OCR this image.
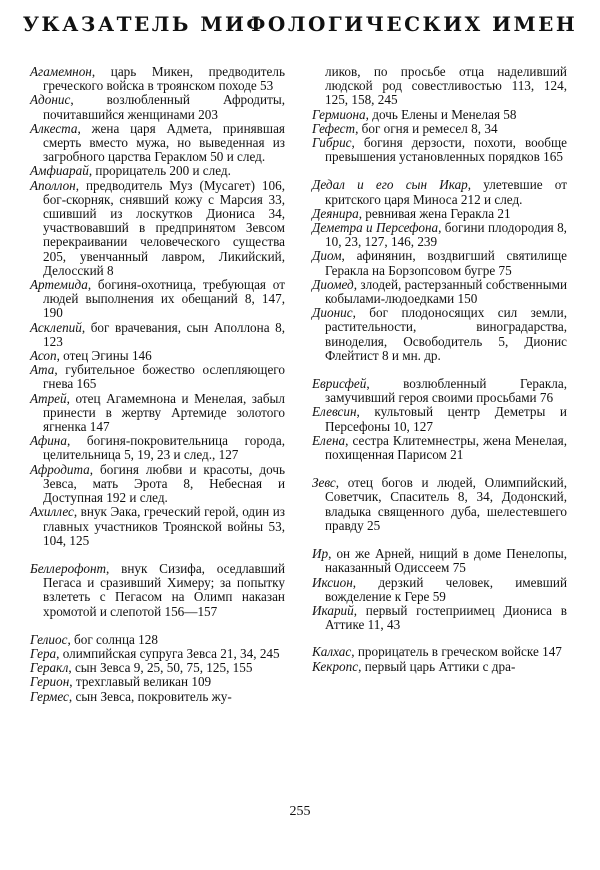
УКАЗАТЕЛЬ МИФОЛОГИЧЕСКИХ ИМЕН

Агамемнон, царь Микен, предводитель греческого войска в троянском походе 53

Адонис, возлюбленный Афродиты, почитавшийся женщинами 203

Алкеста, жена царя Адмета, принявшая смерть вместо мужа, но выведенная из загробного царства Гераклом 50 и след.

Амфиарай, прорицатель 200 и след.

Аполлон, предводитель Муз (Мусагет) 106, бог-скорняк, снявший кожу с Марсия 33, сшивший из лоскутков Диониса 34, участвовавший в предпринятом Зевсом перекраивании человеческого существа 205, увенчанный лавром, Ликийский, Делосский 8

Артемида, богиня-охотница, требующая от людей выполнения их обещаний 8, 147, 190

Асклепий, бог врачевания, сын Аполлона 8, 123

Асоп, отец Эгины 146

Ата, губительное божество ослепляющего гнева 165

Атрей, отец Агамемнона и Менелая, забыл принести в жертву Артемиде золотого ягненка 147

Афина, богиня-покровительница города, целительница 5, 19, 23 и след., 127

Афродита, богиня любви и красоты, дочь Зевса, мать Эрота 8, Небесная и Доступная 192 и след.

Ахиллес, внук Эака, греческий герой, один из главных участников Троянской войны 53, 104, 125

Беллерофонт, внук Сизифа, оседлавший Пегаса и сразивший Химеру; за попытку взлететь с Пегасом на Олимп наказан хромотой и слепотой 156—157

Гелиос, бог солнца 128

Гера, олимпийская супруга Зевса 21, 34, 245

Геракл, сын Зевса 9, 25, 50, 75, 125, 155

Герион, трехглавый великан 109

Гермес, сын Зевса, покровитель жу-

ликов, по просьбе отца наделивший людской род совестливостью 113, 124, 125, 158, 245

Гермиона, дочь Елены и Менелая 58

Гефест, бог огня и ремесел 8, 34

Гибрис, богиня дерзости, похоти, вообще превышения установленных порядков 165

Дедал и его сын Икар, улетевшие от критского царя Миноса 212 и след.

Деянира, ревнивая жена Геракла 21

Деметра и Персефона, богини плодородия 8, 10, 23, 127, 146, 239

Диом, афинянин, воздвигший святилище Геракла на Борзопсовом бугре 75

Диомед, злодей, растерзанный собственными кобылами-людоедками 150

Дионис, бог плодоносящих сил земли, растительности, виноградарства, виноделия, Освободитель 5, Дионис Флейтист 8 и мн. др.

Еврисфей, возлюбленный Геракла, замучивший героя своими просьбами 76

Елевсин, культовый центр Деметры и Персефоны 10, 127

Елена, сестра Клитемнестры, жена Менелая, похищенная Парисом 21

Зевс, отец богов и людей, Олимпийский, Советчик, Спаситель 8, 34, Додонский, владыка священного дуба, шелестевшего правду 25

Ир, он же Арней, нищий в доме Пенелопы, наказанный Одиссеем 75

Иксион, дерзкий человек, имевший вожделение к Гере 59

Икарий, первый гостеприимец Диониса в Аттике 11, 43

Калхас, прорицатель в греческом войске 147

Кекропс, первый царь Аттики с дра-

255
